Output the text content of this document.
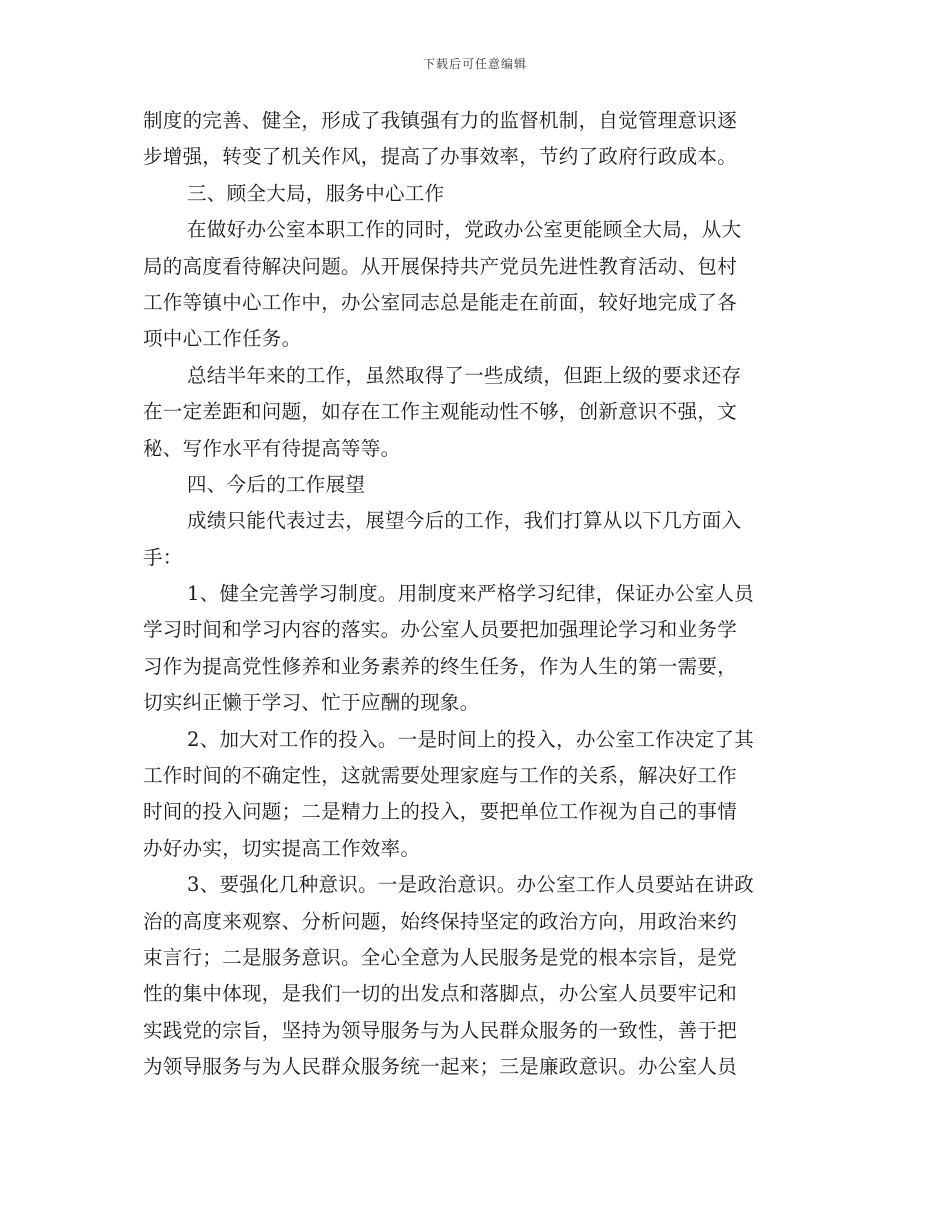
下载后可任意编辑
制度的完善、健全，形成了我镇强有力的监督机制，自觉管理意识逐
步增强，转变了机关作风，提高了办事效率，节约了政府行政成本。
三、顾全大局，服务中心工作
在做好办公室本职工作的同时，党政办公室更能顾全大局，从大
局的高度看待解决问题。从开展保持共产党员先进性教育活动、包村
工作等镇中心工作中，办公室同志总是能走在前面，较好地完成了各
项中心工作任务。
总结半年来的工作，虽然取得了一些成绩，但距上级的要求还存
在一定差距和问题，如存在工作主观能动性不够，创新意识不强，文
秘、写作水平有待提高等等。
四、今后的工作展望
成绩只能代表过去，展望今后的工作，我们打算从以下几方面入
手：
1、健全完善学习制度。用制度来严格学习纪律，保证办公室人员
学习时间和学习内容的落实。办公室人员要把加强理论学习和业务学
习作为提高党性修养和业务素养的终生任务，作为人生的第一需要，
切实纠正懒于学习、忙于应酬的现象。
2、加大对工作的投入。一是时间上的投入，办公室工作决定了其
工作时间的不确定性，这就需要处理家庭与工作的关系，解决好工作
时间的投入问题；二是精力上的投入，要把单位工作视为自己的事情
办好办实，切实提高工作效率。
3、要强化几种意识。一是政治意识。办公室工作人员要站在讲政
治的高度来观察、分析问题，始终保持坚定的政治方向，用政治来约
束言行；二是服务意识。全心全意为人民服务是党的根本宗旨，是党
性的集中体现，是我们一切的出发点和落脚点，办公室人员要牢记和
实践党的宗旨，坚持为领导服务与为人民群众服务的一致性，善于把
为领导服务与为人民群众服务统一起来；三是廉政意识。办公室人员
